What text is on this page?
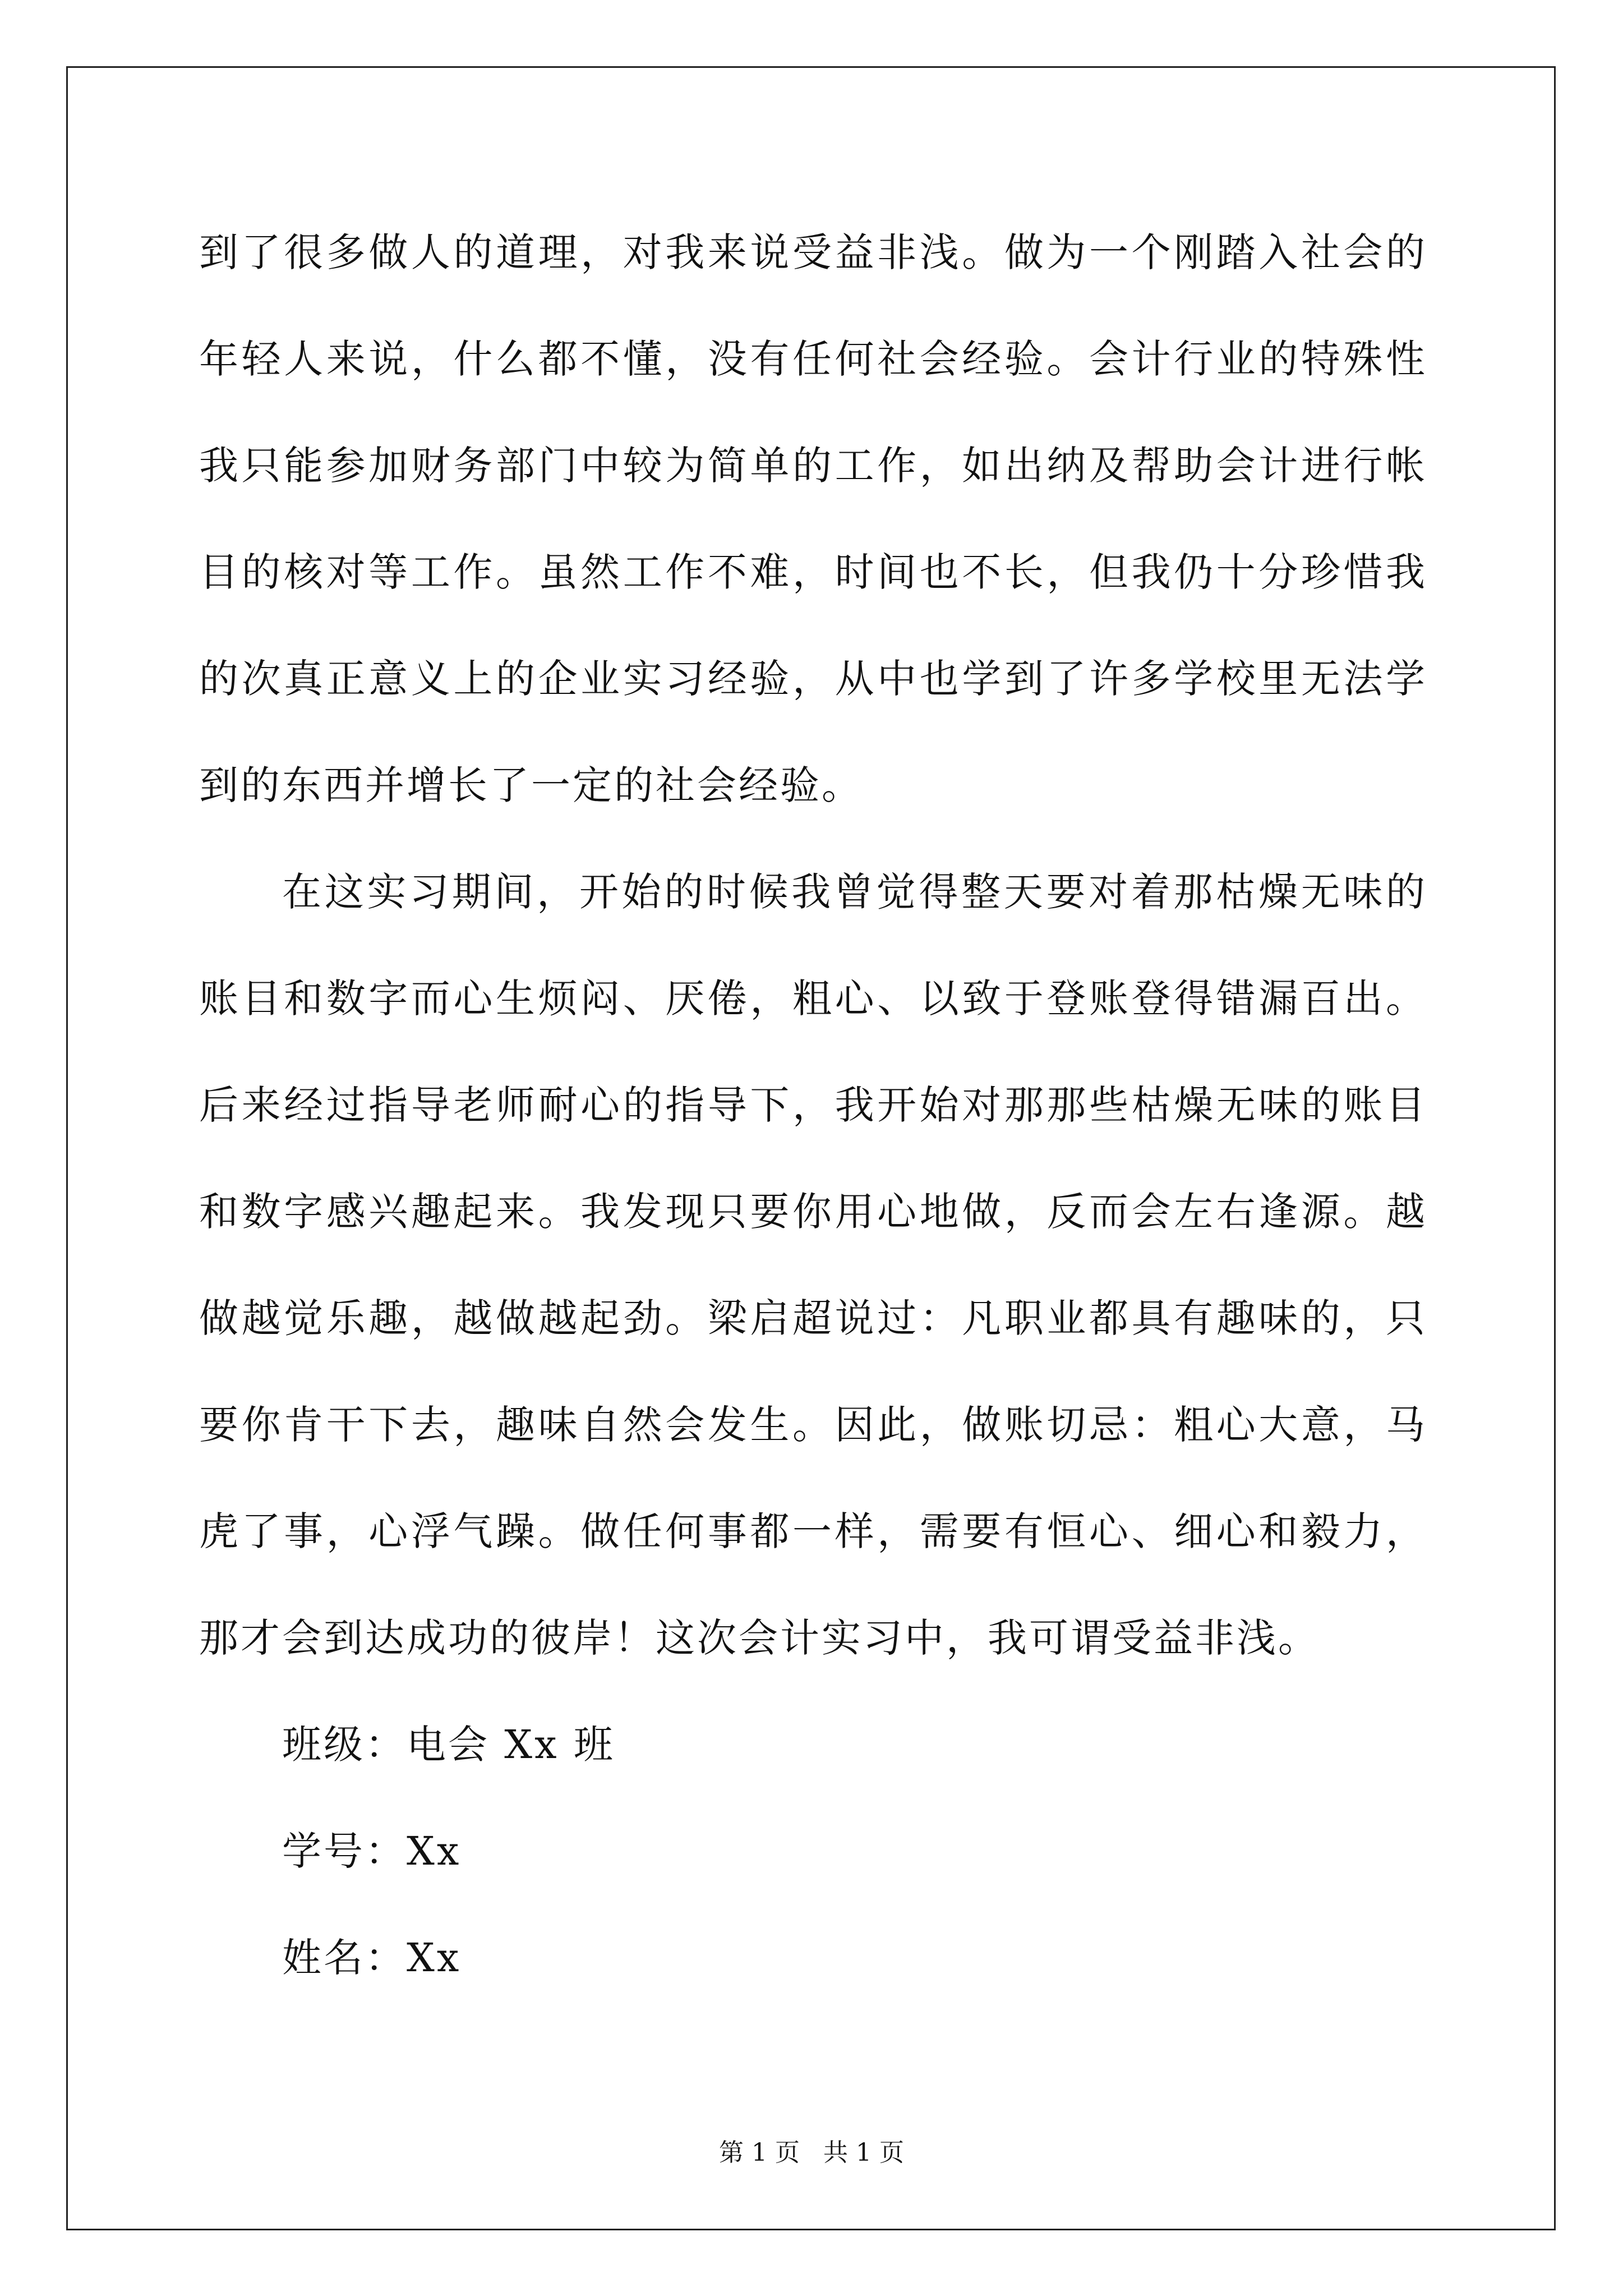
到了很多做人的道理，对我来说受益非浅。做为一个刚踏入社会的年轻人来说，什么都不懂，没有任何社会经验。会计行业的特殊性我只能参加财务部门中较为简单的工作，如出纳及帮助会计进行帐目的核对等工作。虽然工作不难，时间也不长，但我仍十分珍惜我的次真正意义上的企业实习经验，从中也学到了许多学校里无法学到的东西并增长了一定的社会经验。

在这实习期间，开始的时候我曾觉得整天要对着那枯燥无味的账目和数字而心生烦闷、厌倦，粗心、以致于登账登得错漏百出。后来经过指导老师耐心的指导下，我开始对那那些枯燥无味的账目和数字感兴趣起来。我发现只要你用心地做，反而会左右逢源。越做越觉乐趣，越做越起劲。梁启超说过：凡职业都具有趣味的，只要你肯干下去，趣味自然会发生。因此，做账切忌：粗心大意，马虎了事，心浮气躁。做任何事都一样，需要有恒心、细心和毅力，那才会到达成功的彼岸！这次会计实习中，我可谓受益非浅。

班级：电会 Xx 班

学号：Xx

姓名：Xx

第 1 页   共 1 页
